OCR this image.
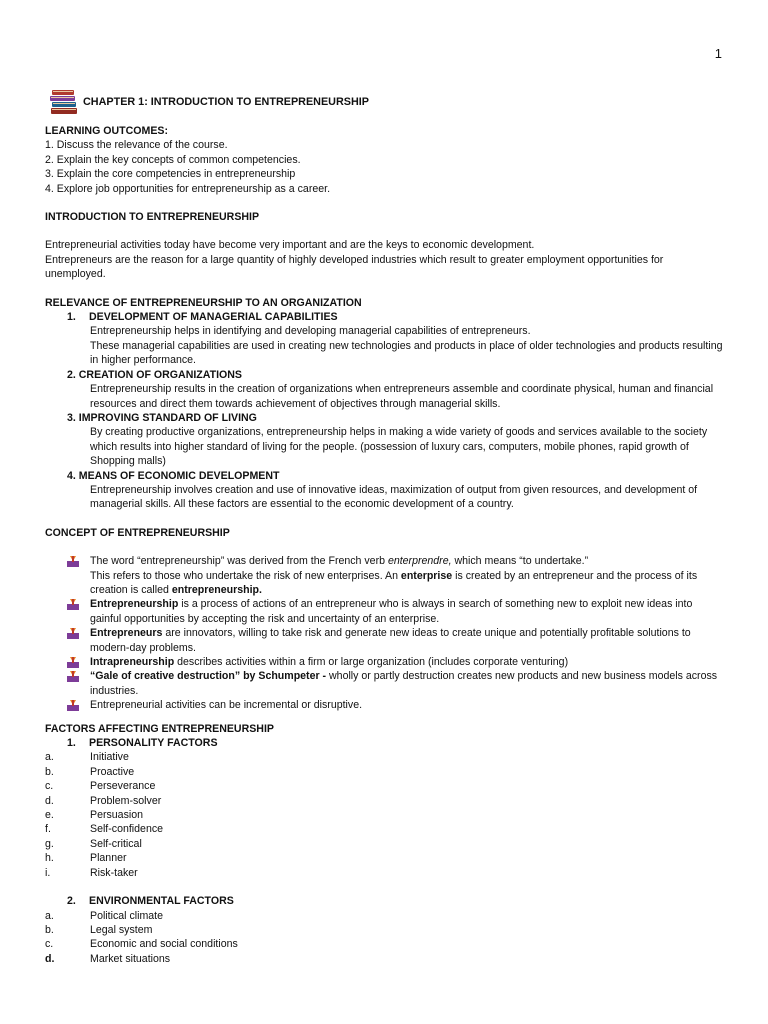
1
CHAPTER 1: INTRODUCTION TO ENTREPRENEURSHIP

LEARNING OUTCOMES:

1. Discuss the relevance of the course.

2. Explain the key concepts of common competencies.

3. Explain the core competencies in entrepreneurship

4. Explore job opportunities for entrepreneurship as a career.

INTRODUCTION TO ENTREPRENEURSHIP

Entrepreneurial activities today have become very important and are the keys to economic development.

Entrepreneurs are the reason for a large quantity of highly developed industries which result to greater employment opportunities for unemployed.

RELEVANCE OF ENTREPRENEURSHIP TO AN ORGANIZATION

1.	DEVELOPMENT OF MANAGERIAL CAPABILITIES

Entrepreneurship helps in identifying and developing managerial capabilities of entrepreneurs.

These managerial capabilities are used in creating new technologies and products in place of older technologies and products resulting in higher performance.

2. CREATION OF ORGANIZATIONS

Entrepreneurship results in the creation of organizations when entrepreneurs assemble and coordinate physical, human and financial resources and direct them towards achievement of objectives through managerial skills.

3. IMPROVING STANDARD OF LIVING

By creating productive organizations, entrepreneurship helps in making a wide variety of goods and services available to the society which results into higher standard of living for the people. (possession of luxury cars, computers, mobile phones, rapid growth of Shopping malls)

4. MEANS OF ECONOMIC DEVELOPMENT

Entrepreneurship involves creation and use of innovative ideas, maximization of output from given resources, and development of managerial skills. All these factors are essential to the economic development of a country.

CONCEPT OF ENTREPRENEURSHIP

The word “entrepreneurship” was derived from the French verb enterprendre, which means “to undertake.”
This refers to those who undertake the risk of new enterprises. An enterprise is created by an entrepreneur and the process of its creation is called entrepreneurship.
Entrepreneurship is a process of actions of an entrepreneur who is always in search of something new to exploit new ideas into gainful opportunities by accepting the risk and uncertainty of an enterprise.
Entrepreneurs are innovators, willing to take risk and generate new ideas to create unique and potentially profitable solutions to modern-day problems.
Intrapreneurship describes activities within a firm or large organization (includes corporate venturing)
“Gale of creative destruction” by Schumpeter - wholly or partly destruction creates new products and new business models across industries.
Entrepreneurial activities can be incremental or disruptive.

FACTORS AFFECTING ENTREPRENEURSHIP

1.	PERSONALITY FACTORS
a.	Initiative
b.	Proactive
c.	Perseverance
d.	Problem-solver
e.	Persuasion
f.	Self-confidence
g.	Self-critical
h.	Planner
i.	Risk-taker
2.	ENVIRONMENTAL FACTORS
a.	Political climate
b.	Legal system
c.	Economic and social conditions
d.	Market situations
